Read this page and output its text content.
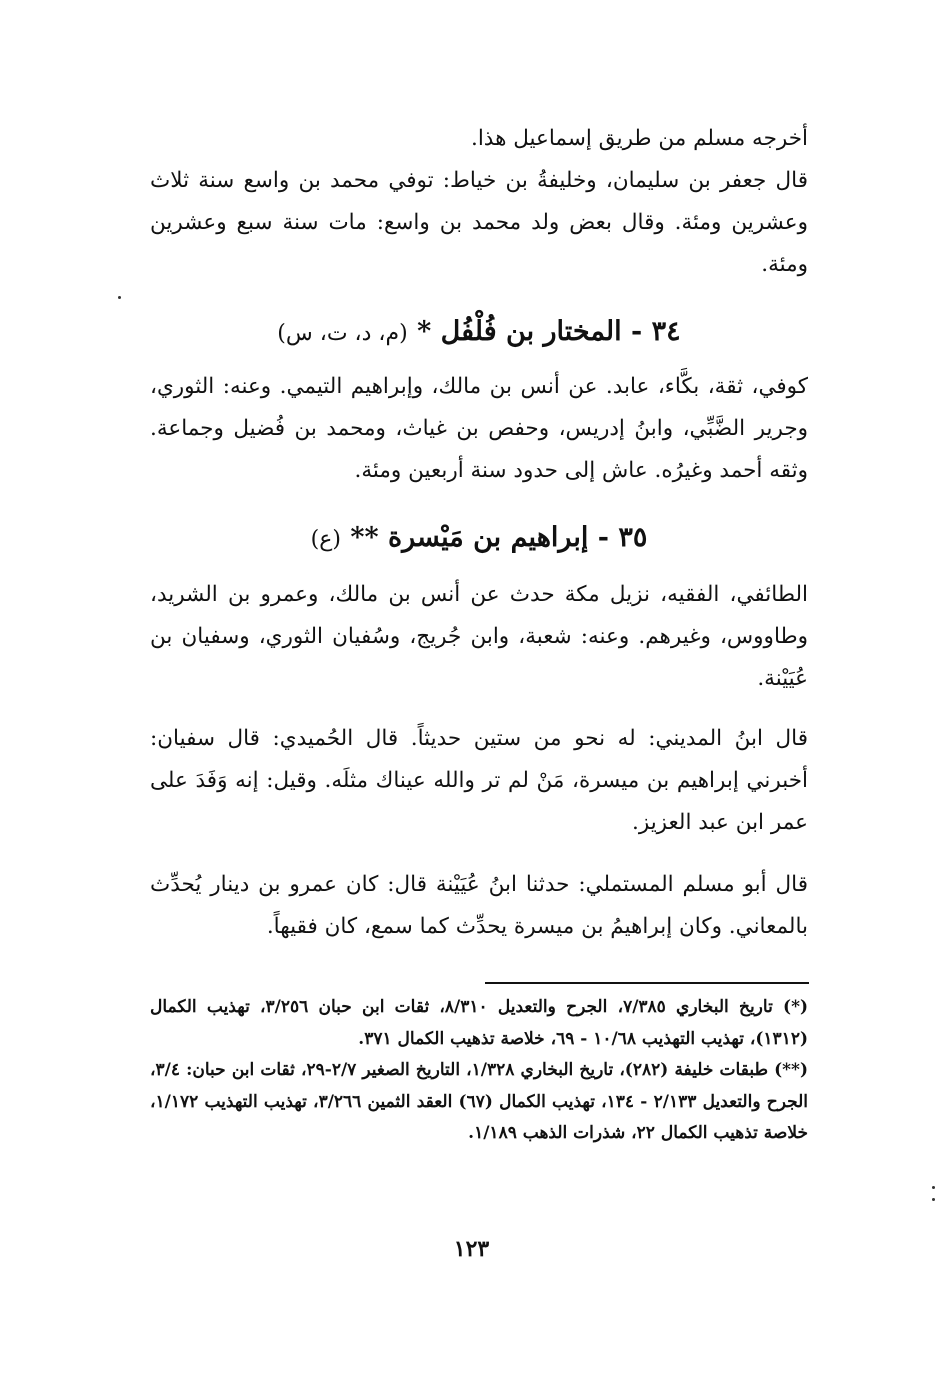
أخرجه مسلم من طريق إسماعيل هذا.

قال جعفر بن سليمان، وخليفةُ بن خياط: توفي محمد بن واسع سنة ثلاث وعشرين ومئة. وقال بعض ولد محمد بن واسع: مات سنة سبع وعشرين ومئة.

٣٤ - المختار بن فُلْفُل * (م، د، ت، س)

كوفي، ثقة، بكَّاء، عابد. عن أنس بن مالك، وإبراهيم التيمي. وعنه: الثوري، وجرير الضَّبِّي، وابنُ إدريس، وحفص بن غياث، ومحمد بن فُضيل وجماعة. وثقه أحمد وغيرُه. عاش إلى حدود سنة أربعين ومئة.

٣٥ - إبراهيم بن مَيْسرة ** (ع)

الطائفي، الفقيه، نزيل مكة حدث عن أنس بن مالك، وعمرو بن الشريد، وطاووس، وغيرهم. وعنه: شعبة، وابن جُريج، وسُفيان الثوري، وسفيان بن عُيَيْنة.

قال ابنُ المديني: له نحو من ستين حديثاً. قال الحُميدي: قال سفيان: أخبرني إبراهيم بن ميسرة، مَنْ لم تر والله عيناك مثلَه. وقيل: إنه وَفَدَ على عمر ابن عبد العزيز.

قال أبو مسلم المستملي: حدثنا ابنُ عُيَيْنة قال: كان عمرو بن دينار يُحدِّث بالمعاني. وكان إبراهيمُ بن ميسرة يحدِّث كما سمع، كان فقيهاً.

(*) تاريخ البخاري ٧/٣٨٥، الجرح والتعديل ٨/٣١٠، ثقات ابن حبان ٣/٢٥٦، تهذيب الكمال (١٣١٢)، تهذيب التهذيب ١٠/٦٨ - ٦٩، خلاصة تذهيب الكمال ٣٧١.

(**) طبقات خليفة (٢٨٢)، تاريخ البخاري ١/٣٢٨، التاريخ الصغير ٢/٧-٢٩، ثقات ابن حبان: ٣/٤، الجرح والتعديل ٢/١٣٣ - ١٣٤، تهذيب الكمال (٦٧) العقد الثمين ٣/٢٦٦، تهذيب التهذيب ١/١٧٢، خلاصة تذهيب الكمال ٢٢، شذرات الذهب ١/١٨٩.

١٢٣
